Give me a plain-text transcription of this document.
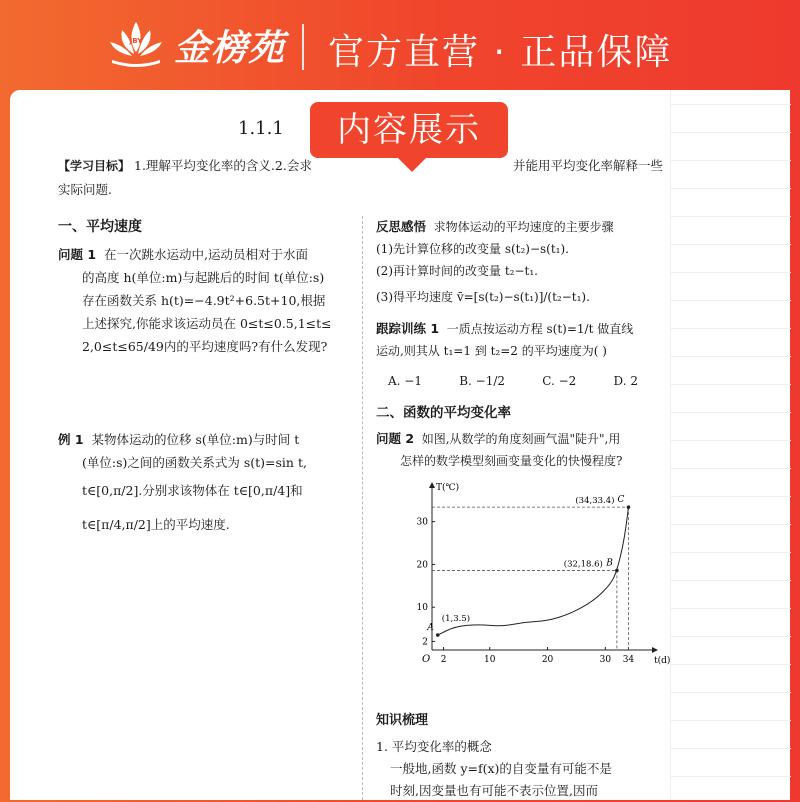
JBY 金榜苑 官方直营 · 正品保障
内容展示
1.1.1
【学习目标】 1.理解平均变化率的含义.2.会求	并能用平均变化率解释一些
实际问题.
一、平均速度
问题 1 在一次跳水运动中,运动员相对于水面
的高度 h(单位:m)与起跳后的时间 t(单位:s)
存在函数关系 h(t)=−4.9t²+6.5t+10,根据
上述探究,你能求该运动员在 0≤t≤0.5,1≤t≤
2,0≤t≤65/49内的平均速度吗?有什么发现?
例 1 某物体运动的位移 s(单位:m)与时间 t
(单位:s)之间的函数关系式为 s(t)=sin t,
t∈[0,π/2].分别求该物体在 t∈[0,π/4]和
t∈[π/4,π/2]上的平均速度.
反思感悟 求物体运动的平均速度的主要步骤
(1)先计算位移的改变量 s(t₂)−s(t₁).
(2)再计算时间的改变量 t₂−t₁.
(3)得平均速度 v̄=[s(t₂)−s(t₁)]/(t₂−t₁).
跟踪训练 1 一质点按运动方程 s(t)=1/t 做直线
运动,则其从 t₁=1 到 t₂=2 的平均速度为( )
A. −1	B. −1/2	C. −2	D. 2
二、函数的平均变化率
问题 2 如图,从数学的角度刻画气温"陡升",用
怎样的数学模型刻画变量变化的快慢程度?
T(℃)
t(d)
O 2	10	20	30 34
2
10
20
30
A
(1,3.5)
B
(32,18.6)
C
(34,33.4)
知识梳理
1. 平均变化率的概念
一般地,函数 y=f(x)的自变量有可能不是
时刻,因变量也有可能不表示位置,因而
